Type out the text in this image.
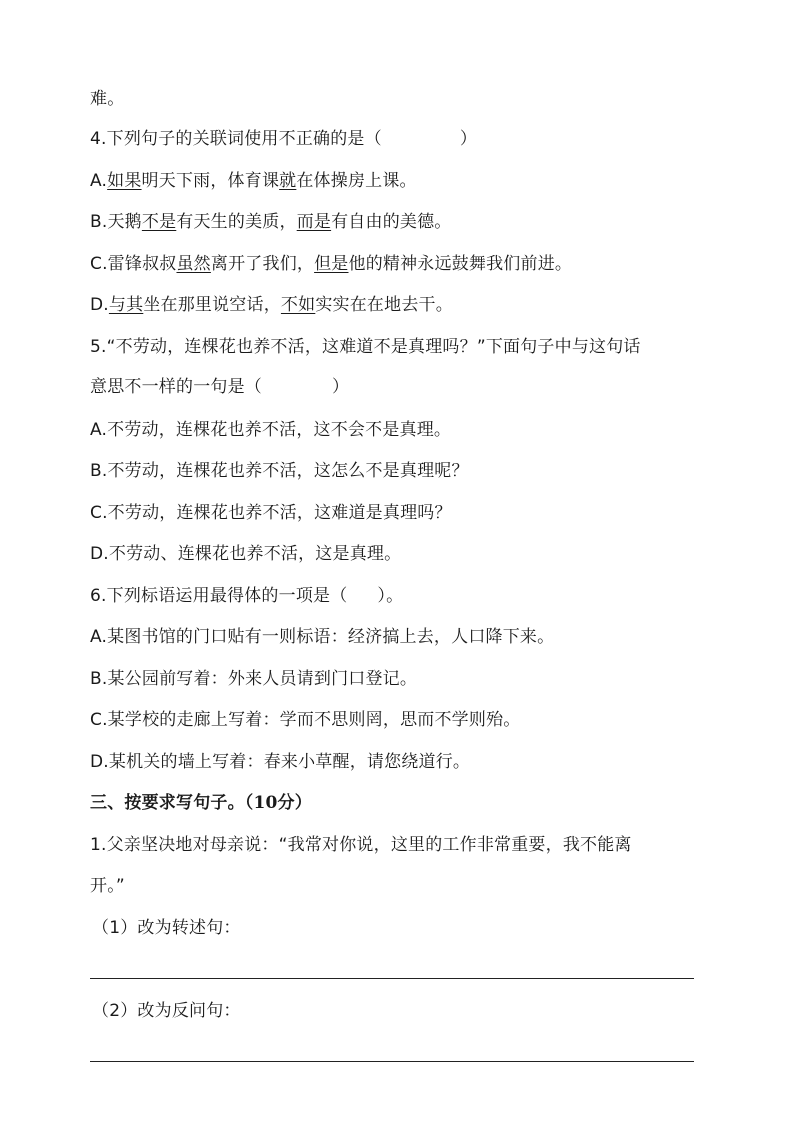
难。
4.下列句子的关联词使用不正确的是（	）
A.如果明天下雨，体育课就在体操房上课。
B.天鹅不是有天生的美质，而是有自由的美德。
C.雷锋叔叔虽然离开了我们，但是他的精神永远鼓舞我们前进。
D.与其坐在那里说空话，不如实实在在地去干。
5.“不劳动，连棵花也养不活，这难道不是真理吗？”下面句子中与这句话
意思不一样的一句是（	）
A.不劳动，连棵花也养不活，这不会不是真理。
B.不劳动，连棵花也养不活，这怎么不是真理呢？
C.不劳动，连棵花也养不活，这难道是真理吗？
D.不劳动、连棵花也养不活，这是真理。
6.下列标语运用最得体的一项是（ ）。
A.某图书馆的门口贴有一则标语：经济搞上去，人口降下来。
B.某公园前写着：外来人员请到门口登记。
C.某学校的走廊上写着：学而不思则罔，思而不学则殆。
D.某机关的墙上写着：春来小草醒，请您绕道行。
三、按要求写句子。（10分）
1.父亲坚决地对母亲说：“我常对你说，这里的工作非常重要，我不能离
开。”
（1）改为转述句：
（2）改为反问句：
